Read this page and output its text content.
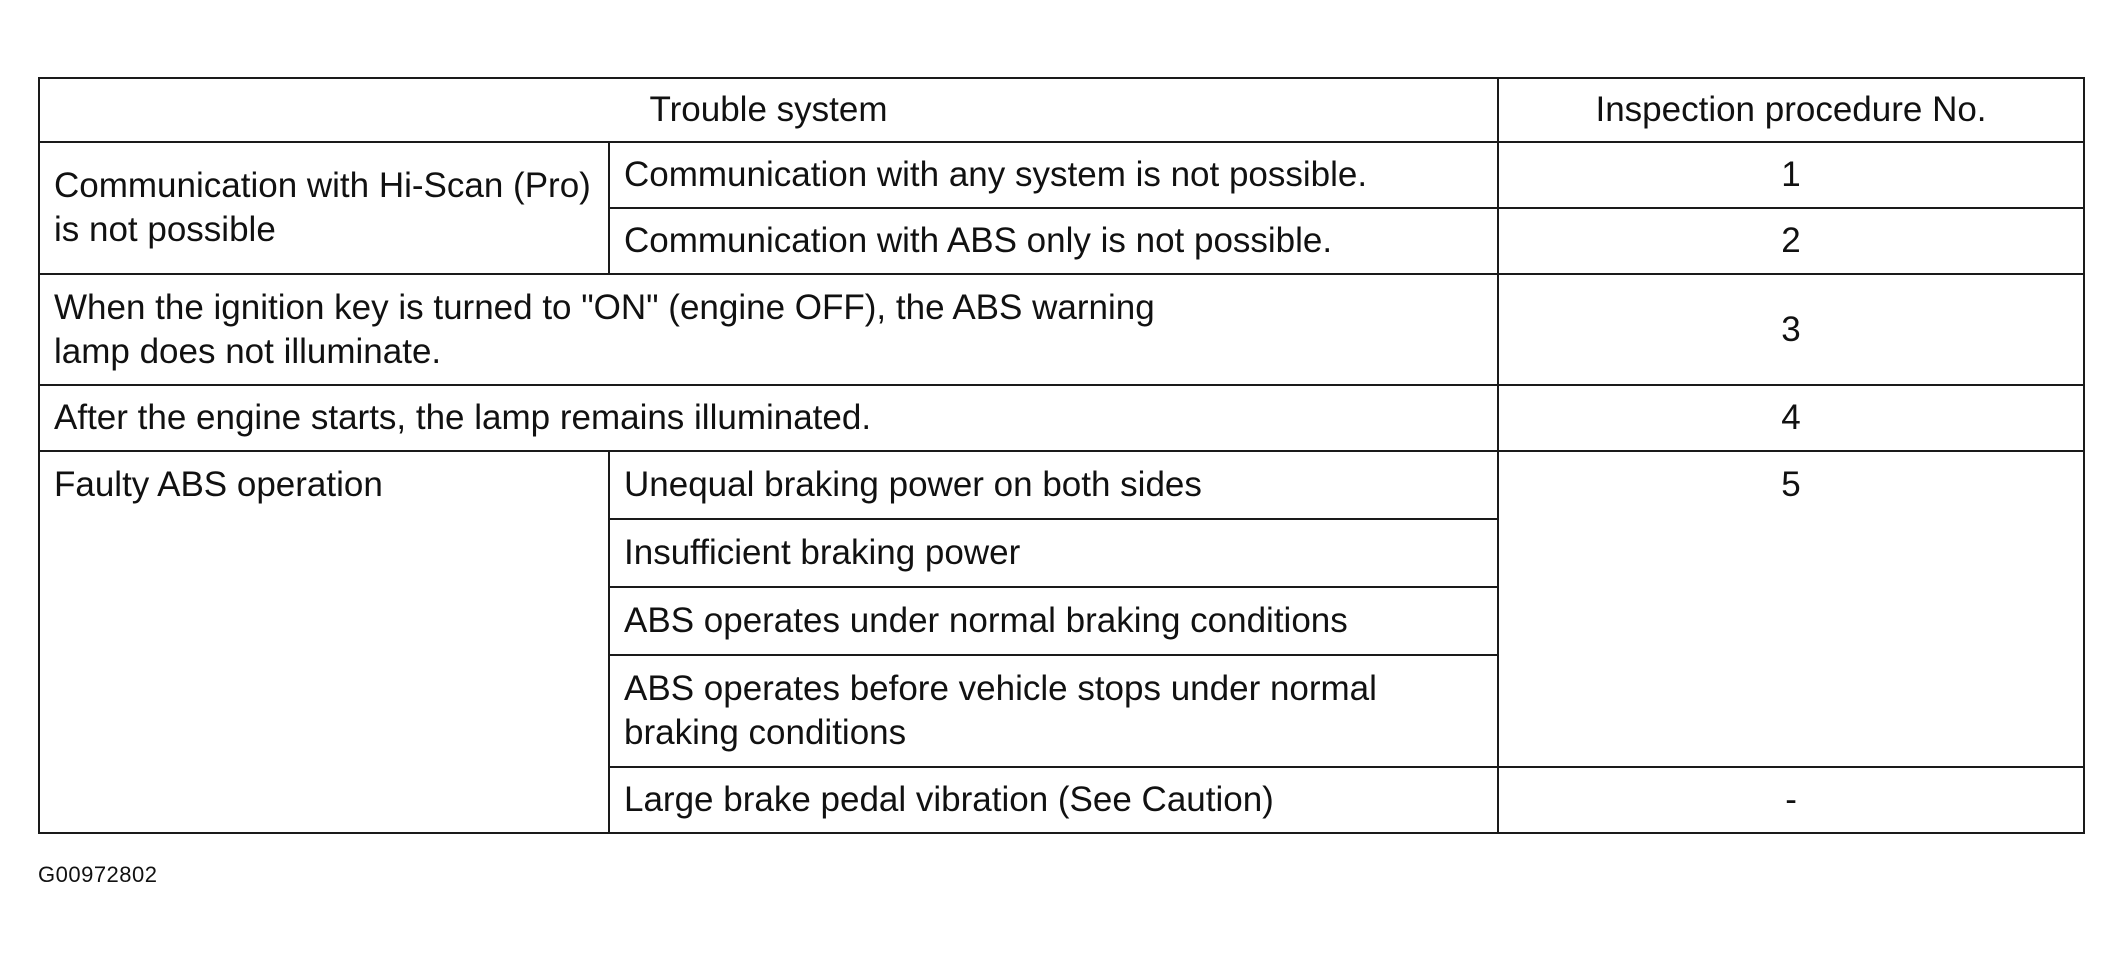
Trouble system		Inspection procedure No.
Communication with Hi-Scan (Pro) is not possible	Communication with any system is not possible.	1
	Communication with ABS only is not possible.	2

When the ignition key is turned to "ON" (engine OFF), the ABS warning lamp does not illuminate.		3
After the engine starts, the lamp remains illuminated.		4
Faulty ABS operation	Unequal braking power on both sides	5
	Insufficient braking power	
	ABS operates under normal braking conditions	

	ABS operates before vehicle stops under normal braking conditions	

	Large brake pedal vibration (See Caution)	-
G00972802
